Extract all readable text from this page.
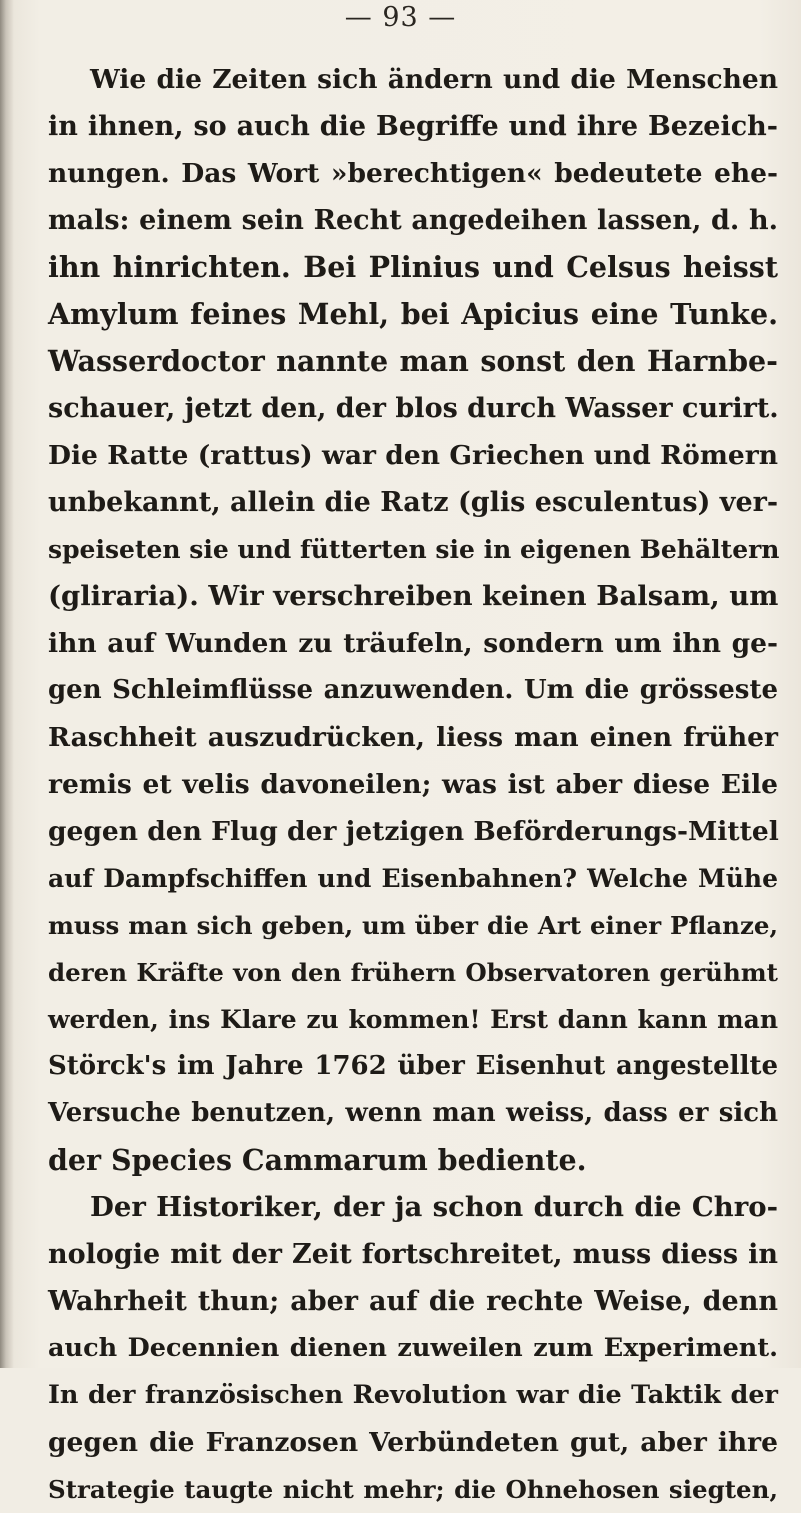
— 93 —
Wie die Zeiten sich ändern und die Menschen
in ihnen, so auch die Begriffe und ihre Bezeich-
nungen. Das Wort »berechtigen« bedeutete ehe-
mals: einem sein Recht angedeihen lassen, d. h.
ihn hinrichten. Bei Plinius und Celsus heisst
Amylum feines Mehl, bei Apicius eine Tunke.
Wasserdoctor nannte man sonst den Harnbe-
schauer, jetzt den, der blos durch Wasser curirt.
Die Ratte (rattus) war den Griechen und Römern
unbekannt, allein die Ratz (glis esculentus) ver-
speiseten sie und fütterten sie in eigenen Behältern
(gliraria). Wir verschreiben keinen Balsam, um
ihn auf Wunden zu träufeln, sondern um ihn ge-
gen Schleimflüsse anzuwenden. Um die grösseste
Raschheit auszudrücken, liess man einen früher
remis et velis davoneilen; was ist aber diese Eile
gegen den Flug der jetzigen Beförderungs-Mittel
auf Dampfschiffen und Eisenbahnen? Welche Mühe
muss man sich geben, um über die Art einer Pflanze,
deren Kräfte von den frühern Observatoren gerühmt
werden, ins Klare zu kommen! Erst dann kann man
Störck's im Jahre 1762 über Eisenhut angestellte
Versuche benutzen, wenn man weiss, dass er sich
der Species Cammarum bediente.
Der Historiker, der ja schon durch die Chro-
nologie mit der Zeit fortschreitet, muss diess in
Wahrheit thun; aber auf die rechte Weise, denn
auch Decennien dienen zuweilen zum Experiment.
In der französischen Revolution war die Taktik der
gegen die Franzosen Verbündeten gut, aber ihre
Strategie taugte nicht mehr; die Ohnehosen siegten,
